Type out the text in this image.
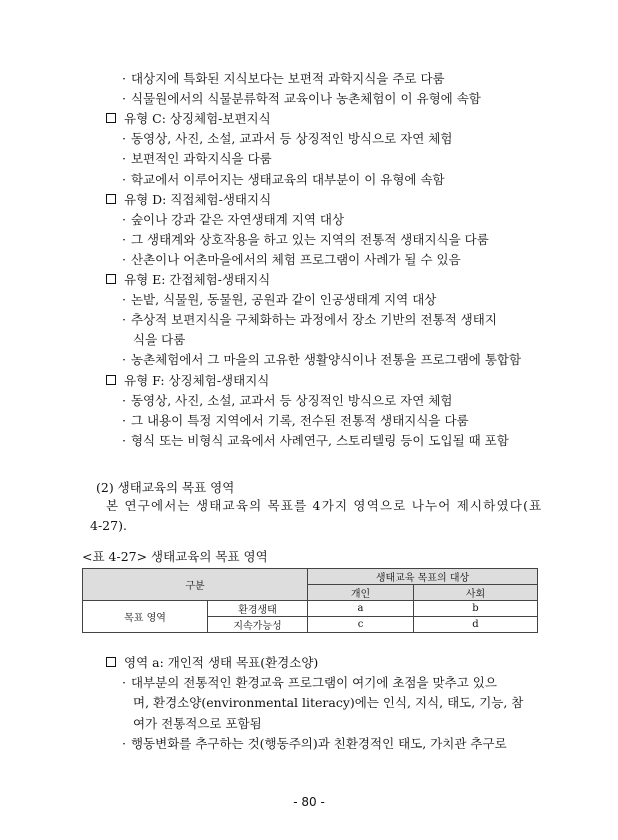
· 대상지에 특화된 지식보다는 보편적 과학지식을 주로 다룸
· 식물원에서의 식물분류학적 교육이나 농촌체험이 이 유형에 속함
유형 C: 상징체험-보편지식
· 동영상, 사진, 소설, 교과서 등 상징적인 방식으로 자연 체험
· 보편적인 과학지식을 다룸
· 학교에서 이루어지는 생태교육의 대부분이 이 유형에 속함
유형 D: 직접체험-생태지식
· 숲이나 강과 같은 자연생태계 지역 대상
· 그 생태계와 상호작용을 하고 있는 지역의 전통적 생태지식을 다룸
· 산촌이나 어촌마을에서의 체험 프로그램이 사례가 될 수 있음
유형 E: 간접체험-생태지식
· 논밭, 식물원, 동물원, 공원과 같이 인공생태계 지역 대상
· 추상적 보편지식을 구체화하는 과정에서 장소 기반의 전통적 생태지
식을 다룸
· 농촌체험에서 그 마을의 고유한 생활양식이나 전통을 프로그램에 통합함
유형 F: 상징체험-생태지식
· 동영상, 사진, 소설, 교과서 등 상징적인 방식으로 자연 체험
· 그 내용이 특정 지역에서 기록, 전수된 전통적 생태지식을 다룸
· 형식 또는 비형식 교육에서 사례연구, 스토리텔링 등이 도입될 때 포함
(2) 생태교육의 목표 영역
본 연구에서는 생태교육의 목표를 4가지 영역으로 나누어 제시하였다(표
4-27).
<표 4-27> 생태교육의 목표 영역
구분		생태교육 목표의 대상	
		개인	사회
목표 영역	환경생태	a	b
	지속가능성	c	d
영역 a: 개인적 생태 목표(환경소양)
· 대부분의 전통적인 환경교육 프로그램이 여기에 초점을 맞추고 있으
며, 환경소양(environmental literacy)에는 인식, 지식, 태도, 기능, 참
여가 전통적으로 포함됨
· 행동변화를 추구하는 것(행동주의)과 친환경적인 태도, 가치관 추구로
- 80 -
